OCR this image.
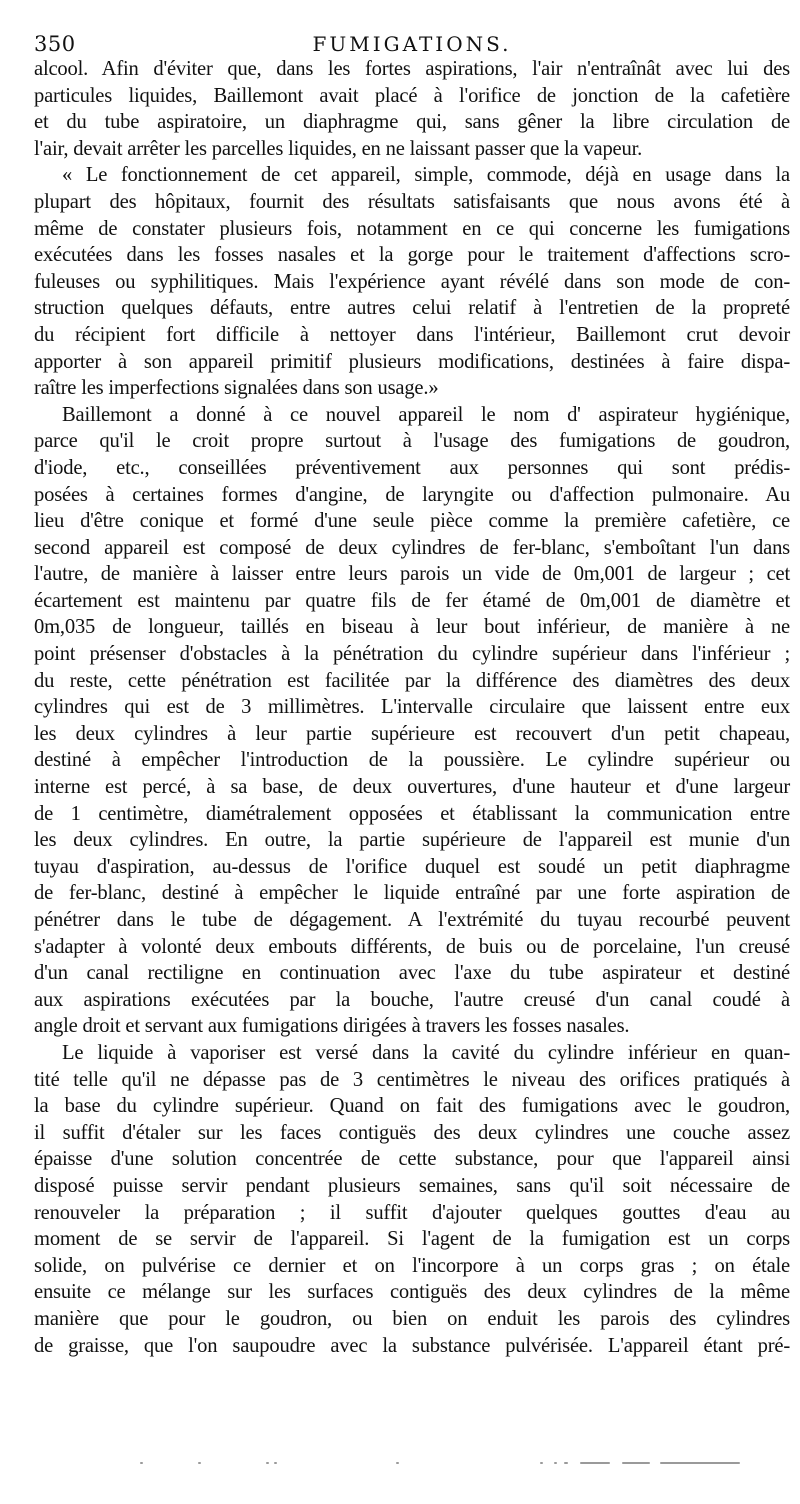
350	FUMIGATIONS.
alcool. Afin d'éviter que, dans les fortes aspirations, l'air n'entraînât avec lui des
particules liquides, Baillemont avait placé à l'orifice de jonction de la cafetière
et du tube aspiratoire, un diaphragme qui, sans gêner la libre circulation de
l'air, devait arrêter les parcelles liquides, en ne laissant passer que la vapeur.
« Le fonctionnement de cet appareil, simple, commode, déjà en usage dans la
plupart des hôpitaux, fournit des résultats satisfaisants que nous avons été à
même de constater plusieurs fois, notamment en ce qui concerne les fumigations
exécutées dans les fosses nasales et la gorge pour le traitement d'affections scro-
fuleuses ou syphilitiques. Mais l'expérience ayant révélé dans son mode de con-
struction quelques défauts, entre autres celui relatif à l'entretien de la propreté
du récipient fort difficile à nettoyer dans l'intérieur, Baillemont crut devoir
apporter à son appareil primitif plusieurs modifications, destinées à faire dispa-
raître les imperfections signalées dans son usage.»
Baillemont a donné à ce nouvel appareil le nom d' aspirateur hygiénique,
parce qu'il le croit propre surtout à l'usage des fumigations de goudron,
d'iode, etc., conseillées préventivement aux personnes qui sont prédis-
posées à certaines formes d'angine, de laryngite ou d'affection pulmonaire. Au
lieu d'être conique et formé d'une seule pièce comme la première cafetière, ce
second appareil est composé de deux cylindres de fer-blanc, s'emboîtant l'un dans
l'autre, de manière à laisser entre leurs parois un vide de 0m,001 de largeur ; cet
écartement est maintenu par quatre fils de fer étamé de 0m,001 de diamètre et
0m,035 de longueur, taillés en biseau à leur bout inférieur, de manière à ne
point présenser d'obstacles à la pénétration du cylindre supérieur dans l'inférieur ;
du reste, cette pénétration est facilitée par la différence des diamètres des deux
cylindres qui est de 3 millimètres. L'intervalle circulaire que laissent entre eux
les deux cylindres à leur partie supérieure est recouvert d'un petit chapeau,
destiné à empêcher l'introduction de la poussière. Le cylindre supérieur ou
interne est percé, à sa base, de deux ouvertures, d'une hauteur et d'une largeur
de 1 centimètre, diamétralement opposées et établissant la communication entre
les deux cylindres. En outre, la partie supérieure de l'appareil est munie d'un
tuyau d'aspiration, au-dessus de l'orifice duquel est soudé un petit diaphragme
de fer-blanc, destiné à empêcher le liquide entraîné par une forte aspiration de
pénétrer dans le tube de dégagement. A l'extrémité du tuyau recourbé peuvent
s'adapter à volonté deux embouts différents, de buis ou de porcelaine, l'un creusé
d'un canal rectiligne en continuation avec l'axe du tube aspirateur et destiné
aux aspirations exécutées par la bouche, l'autre creusé d'un canal coudé à
angle droit et servant aux fumigations dirigées à travers les fosses nasales.
Le liquide à vaporiser est versé dans la cavité du cylindre inférieur en quan-
tité telle qu'il ne dépasse pas de 3 centimètres le niveau des orifices pratiqués à
la base du cylindre supérieur. Quand on fait des fumigations avec le goudron,
il suffit d'étaler sur les faces contiguës des deux cylindres une couche assez
épaisse d'une solution concentrée de cette substance, pour que l'appareil ainsi
disposé puisse servir pendant plusieurs semaines, sans qu'il soit nécessaire de
renouveler la préparation ; il suffit d'ajouter quelques gouttes d'eau au
moment de se servir de l'appareil. Si l'agent de la fumigation est un corps
solide, on pulvérise ce dernier et on l'incorpore à un corps gras ; on étale
ensuite ce mélange sur les surfaces contiguës des deux cylindres de la même
manière que pour le goudron, ou bien on enduit les parois des cylindres
de graisse, que l'on saupoudre avec la substance pulvérisée. L'appareil étant pré-
